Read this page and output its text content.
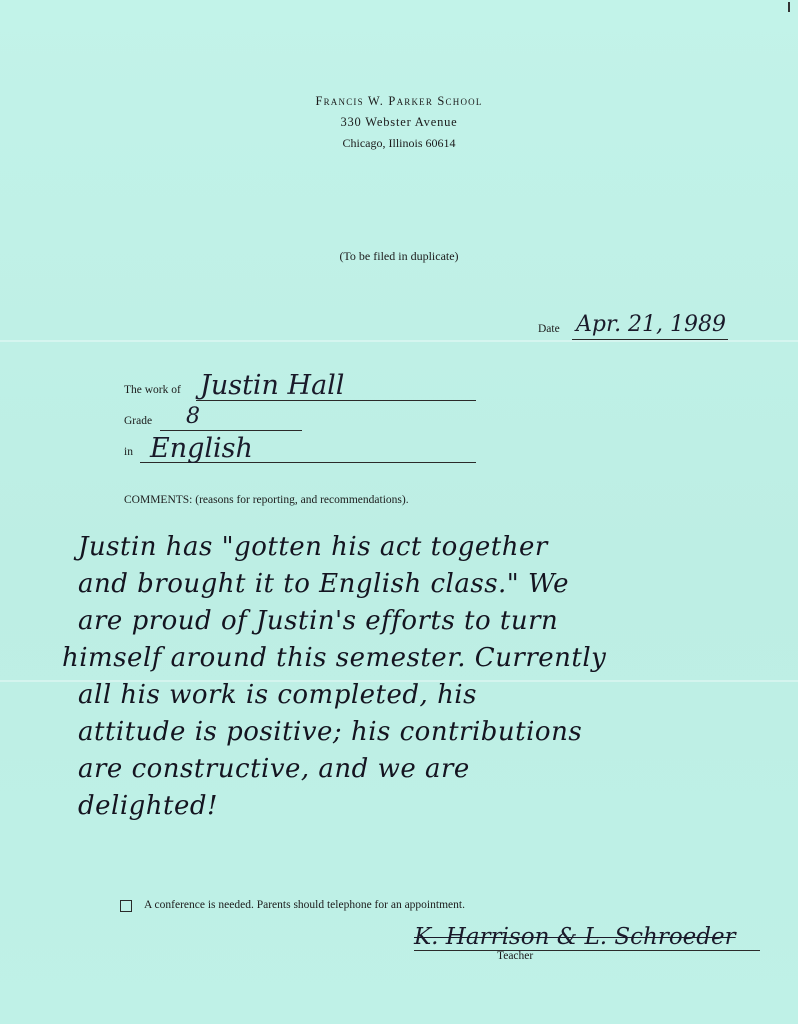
Francis W. Parker School
330 Webster Avenue
Chicago, Illinois 60614
(To be filed in duplicate)
Date Apr. 21, 1989
The work of Justin Hall
Grade 8
in English
COMMENTS: (reasons for reporting, and recommendations).
Justin has "gotten his act together
and brought it to English class." We
are proud of Justin's efforts to turn
himself around this semester. Currently
all his work is completed, his
attitude is positive; his contributions
are constructive, and we are
delighted!
A conference is needed. Parents should telephone for an appointment.
K. Harrison & L. Schroeder
Teacher
